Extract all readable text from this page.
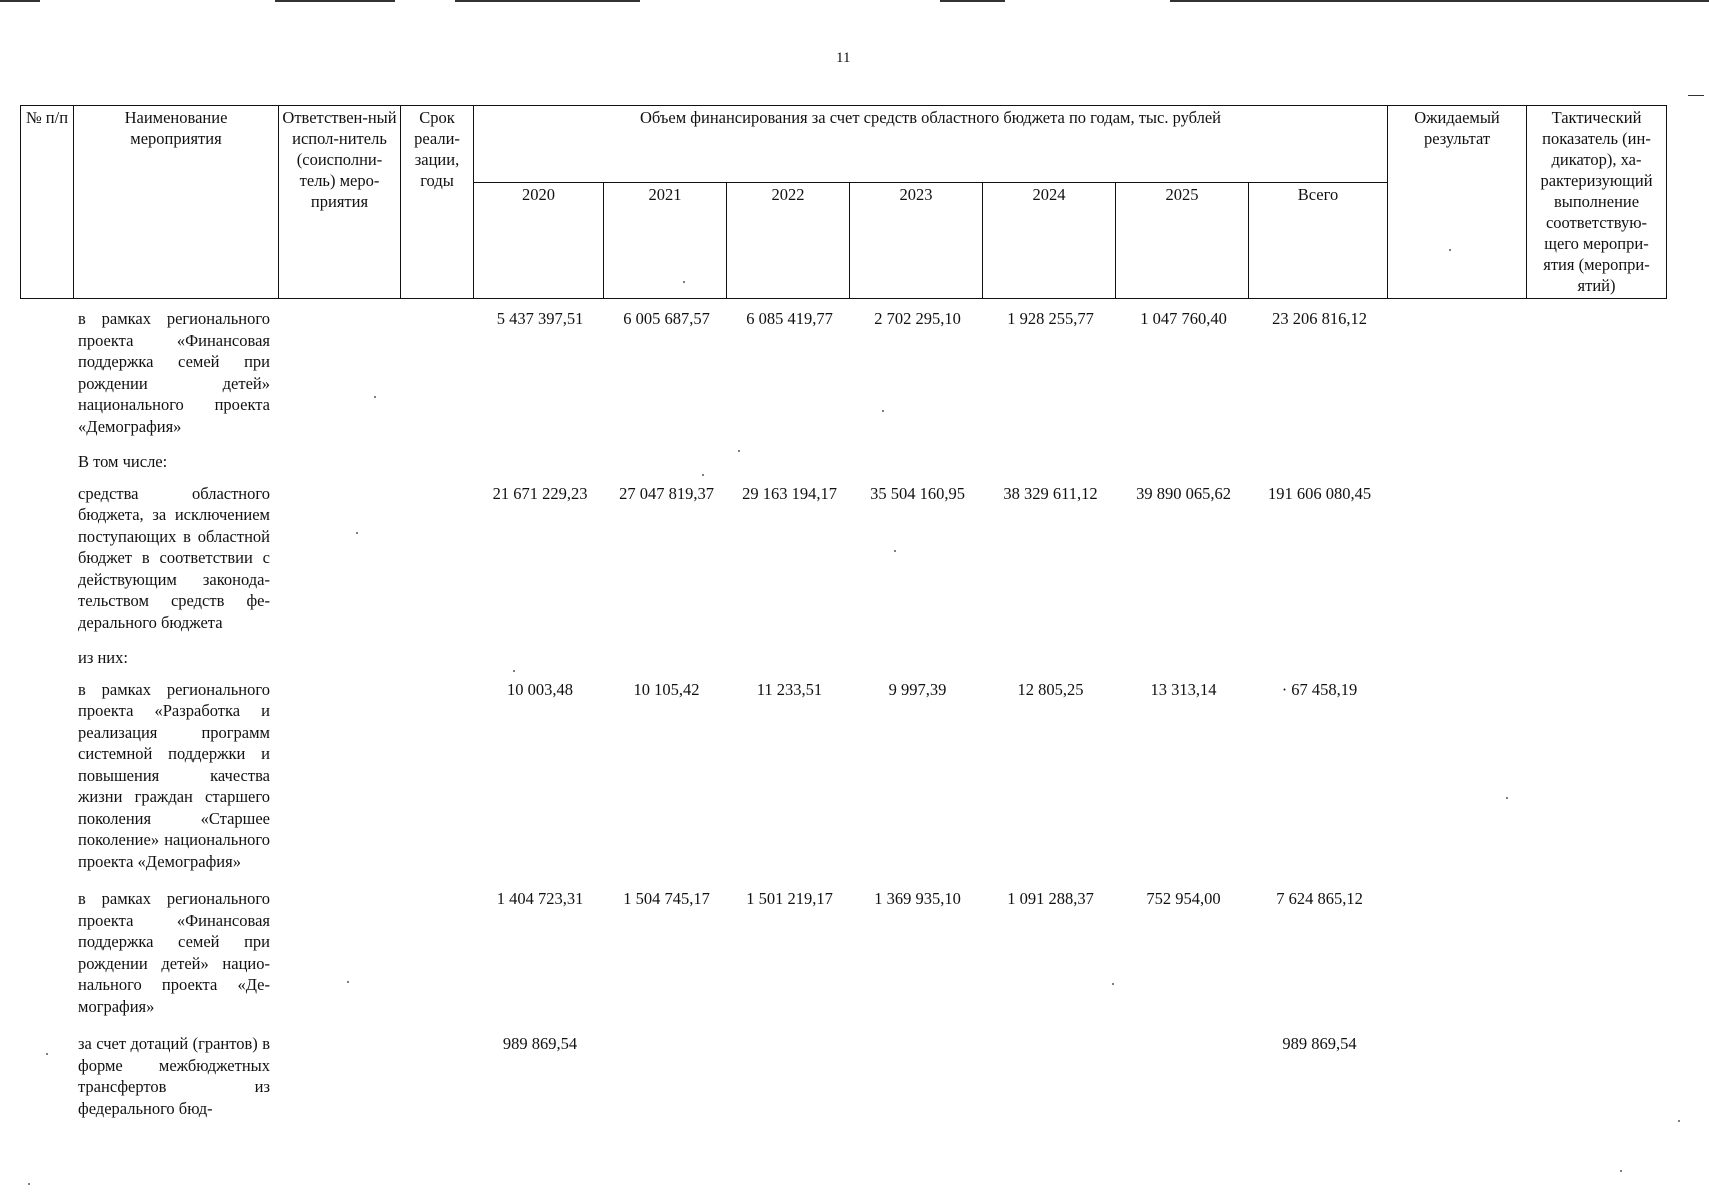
11
№ п/п	Наименование мероприятия	Ответствен-ный испол-нитель (соисполни-тель) меро-приятия	Срок реали-зации, годы	Объем финансирования за счет средств областного бюджета по годам, тыс. рублей							Ожидаемый результат	Тактический показатель (ин-дикатор), ха-рактеризующий выполнение соответствую-щего меропри-ятия (меропри-ятий)
				2020	2021	2022	2023	2024	2025	Всего		
в рамках регионального проекта «Финансовая поддержка семей при рождении детей» национального проекта «Демография»		5 437 397,51	6 005 687,57	6 085 419,77	2 702 295,10	1 928 255,77	1 047 760,40	23 206 816,12

В том числе:								

средства областного бюджета, за исключением поступающих в областной бюджет в соответствии с действующим законодательством средств федерального бюджета		21 671 229,23	27 047 819,37	29 163 194,17	35 504 160,95	38 329 611,12	39 890 065,62	191 606 080,45

из них:								

в рамках регионального проекта «Разработка и реализация программ системной поддержки и повышения качества жизни граждан старшего поколения «Старшее поколение» национального проекта «Демография»		10 003,48	10 105,42	11 233,51	9 997,39	12 805,25	13 313,14	· 67 458,19

в рамках регионального проекта «Финансовая поддержка семей при рождении детей» национального проекта «Демография»		1 404 723,31	1 504 745,17	1 501 219,17	1 369 935,10	1 091 288,37	752 954,00	7 624 865,12

за счет дотаций (грантов) в форме межбюджетных трансфертов из федерального бюд-		989 869,54						989 869,54
